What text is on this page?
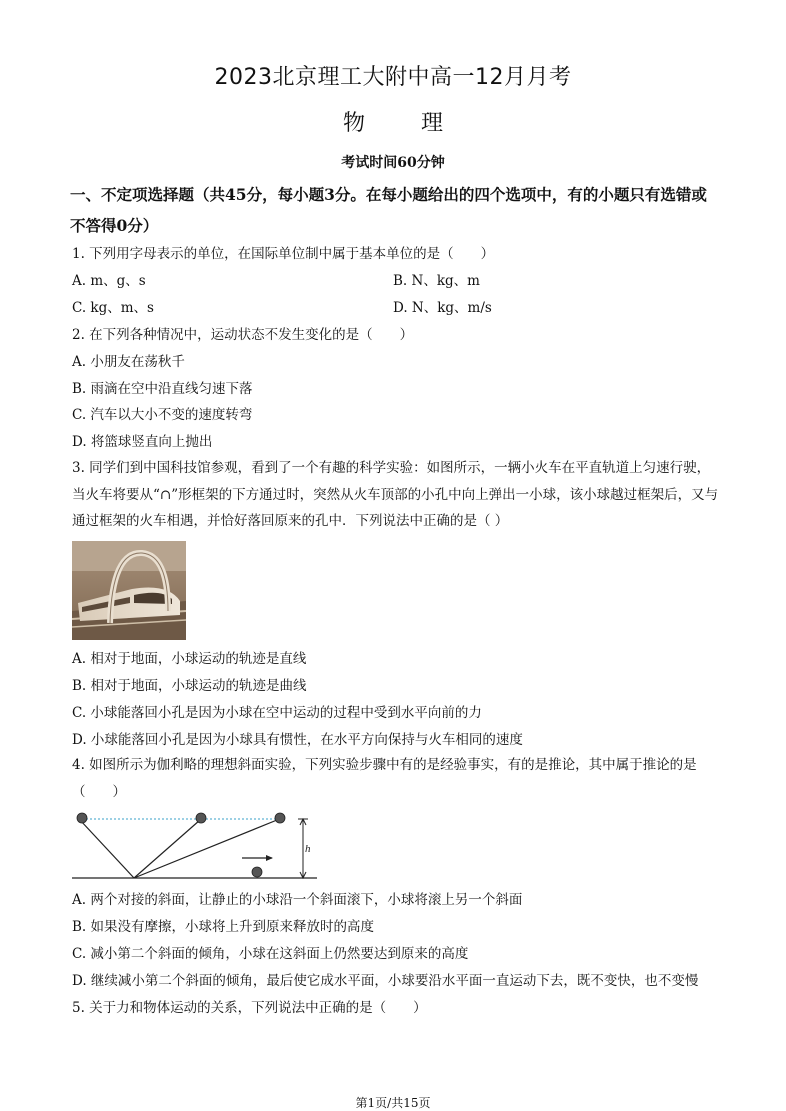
2023北京理工大附中高一12月月考
物	理
考试时间60分钟
一、不定项选择题（共45分，每小题3分。在每小题给出的四个选项中，有的小题只有选错或不答得0分）
1. 下列用字母表示的单位，在国际单位制中属于基本单位的是（　　）
A. m、g、s	B. N、kg、m
C. kg、m、s	D. N、kg、m/s
2. 在下列各种情况中，运动状态不发生变化的是（　　）
A. 小朋友在荡秋千
B. 雨滴在空中沿直线匀速下落
C. 汽车以大小不变的速度转弯
D. 将篮球竖直向上抛出
3. 同学们到中国科技馆参观，看到了一个有趣的科学实验：如图所示，一辆小火车在平直轨道上匀速行驶，当火车将要从“∩”形框架的下方通过时，突然从火车顶部的小孔中向上弹出一小球，该小球越过框架后，又与通过框架的火车相遇，并恰好落回原来的孔中．下列说法中正确的是（ ）
A. 相对于地面，小球运动的轨迹是直线
B. 相对于地面，小球运动的轨迹是曲线
C. 小球能落回小孔是因为小球在空中运动的过程中受到水平向前的力
D. 小球能落回小孔是因为小球具有惯性，在水平方向保持与火车相同的速度
4. 如图所示为伽利略的理想斜面实验，下列实验步骤中有的是经验事实，有的是推论，其中属于推论的是（　　）
h
A. 两个对接的斜面，让静止的小球沿一个斜面滚下，小球将滚上另一个斜面
B. 如果没有摩擦，小球将上升到原来释放时的高度
C. 减小第二个斜面的倾角，小球在这斜面上仍然要达到原来的高度
D. 继续减小第二个斜面的倾角，最后使它成水平面，小球要沿水平面一直运动下去，既不变快，也不变慢
5. 关于力和物体运动的关系，下列说法中正确的是（　　）
第1页/共15页
